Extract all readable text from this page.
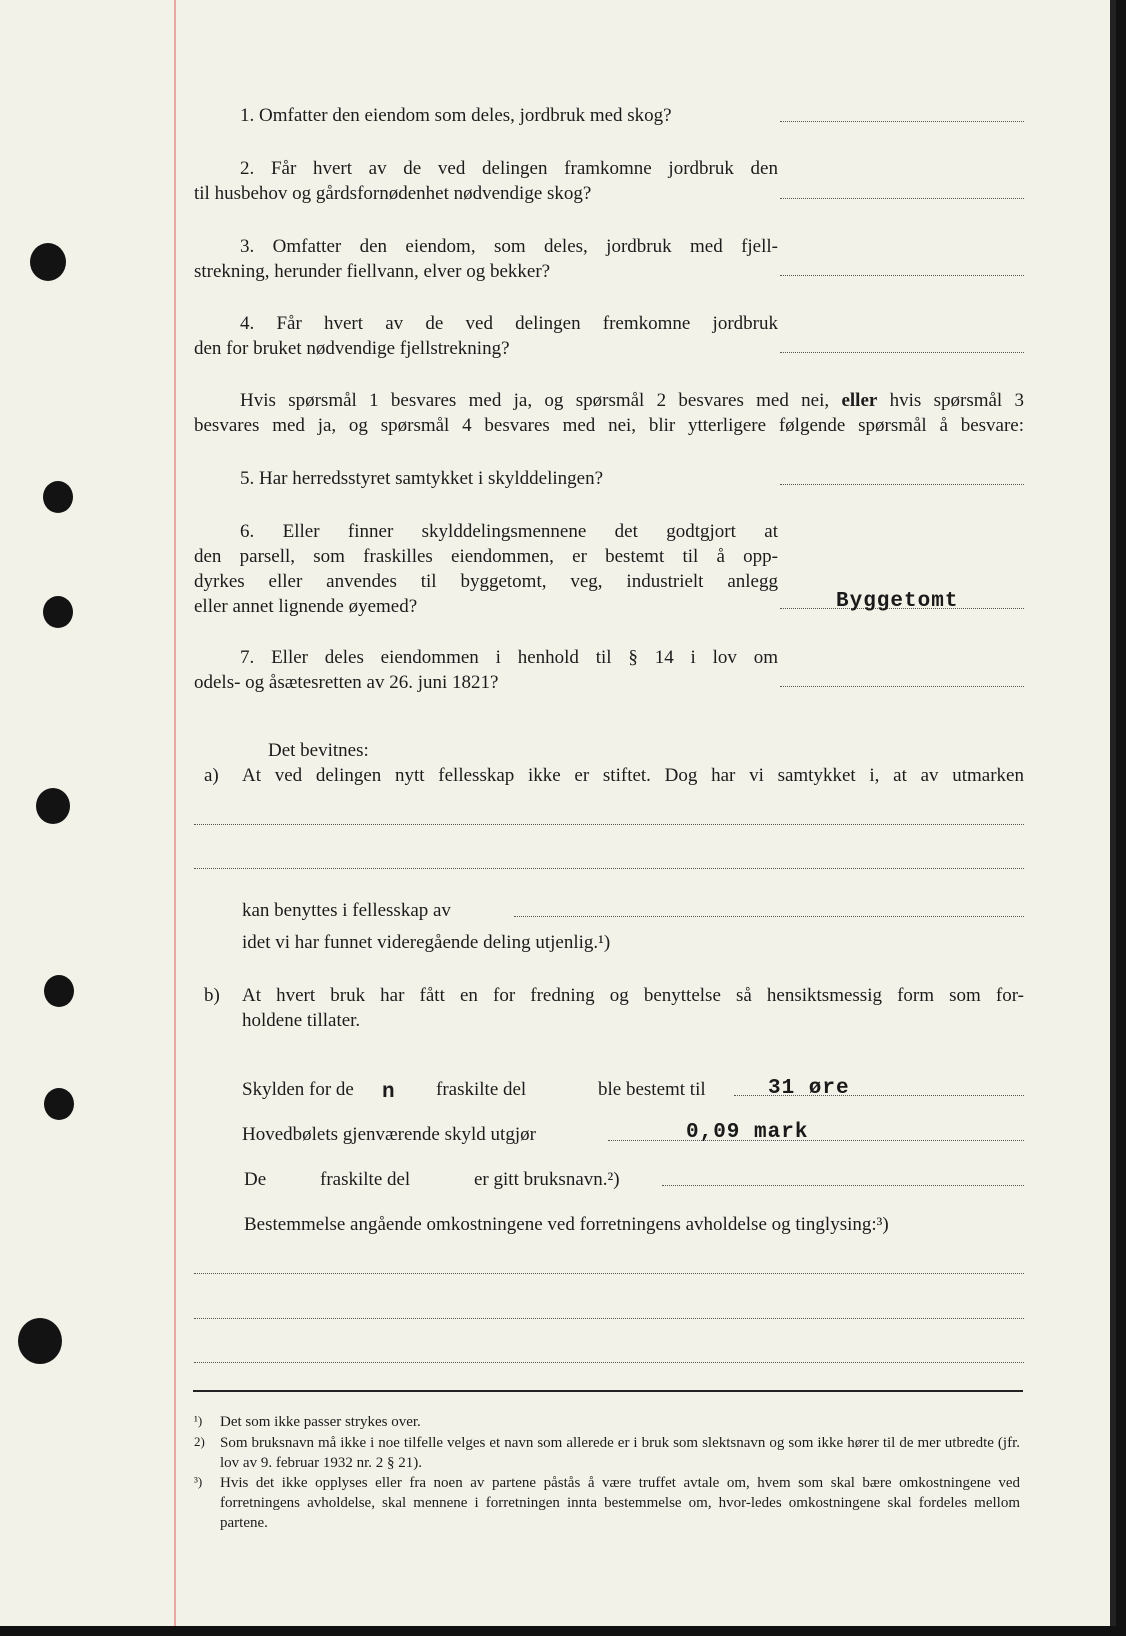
1. Omfatter den eiendom som deles, jordbruk med skog?
2. Får hvert av de ved delingen framkomne jordbruk den
til husbehov og gårdsfornødenhet nødvendige skog?
3. Omfatter den eiendom, som deles, jordbruk med fjell-
strekning, herunder fiellvann, elver og bekker?
4. Får hvert av de ved delingen fremkomne jordbruk
den for bruket nødvendige fjellstrekning?
Hvis spørsmål 1 besvares med ja, og spørsmål 2 besvares med nei, eller hvis spørsmål 3
besvares med ja, og spørsmål 4 besvares med nei, blir ytterligere følgende spørsmål å besvare:
5. Har herredsstyret samtykket i skylddelingen?
6. Eller finner skylddelingsmennene det godtgjort at
den parsell, som fraskilles eiendommen, er bestemt til å opp-
dyrkes eller anvendes til byggetomt, veg, industrielt anlegg
eller annet lignende øyemed?	Byggetomt
7. Eller deles eiendommen i henhold til § 14 i lov om
odels- og åsætesretten av 26. juni 1821?
Det bevitnes:
a) At ved delingen nytt fellesskap ikke er stiftet. Dog har vi samtykket i, at av utmarken
kan benyttes i fellesskap av
idet vi har funnet videregående deling utjenlig.¹)
b) At hvert bruk har fått en for fredning og benyttelse så hensiktsmessig form som for-
holdene tillater.
Skylden for de n fraskilte del	ble bestemt til	31 øre
Hovedbølets gjenværende skyld utgjør	0,09 mark
De	fraskilte del	er gitt bruksnavn.²)
Bestemmelse angående omkostningene ved forretningens avholdelse og tinglysing:³)
¹) Det som ikke passer strykes over.
2) Som bruksnavn må ikke i noe tilfelle velges et navn som allerede er i bruk som slektsnavn og som ikke hører til de mer utbredte (jfr. lov av 9. februar 1932 nr. 2 § 21).
³) Hvis det ikke opplyses eller fra noen av partene påstås å være truffet avtale om, hvem som skal bære omkostningene ved forretningens avholdelse, skal mennene i forretningen innta bestemmelse om, hvor-ledes omkostningene skal fordeles mellom partene.
